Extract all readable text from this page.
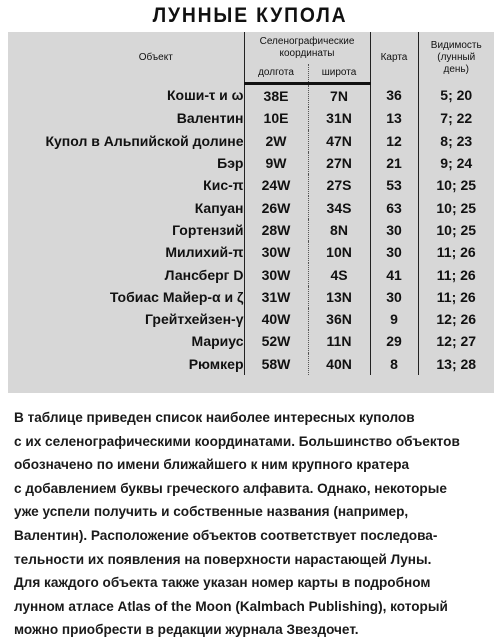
ЛУННЫЕ КУПОЛА
Объект	Селенографические координаты		Карта	Видимость (лунный день)
	долгота	широта		
Коши-τ и ω	38E	7N	36	5; 20
Валентин	10E	31N	13	7; 22
Купол в Альпийской долине	2W	47N	12	8; 23
Бэр	9W	27N	21	9; 24
Кис-π	24W	27S	53	10; 25
Капуан	26W	34S	63	10; 25
Гортензий	28W	8N	30	10; 25
Милихий-π	30W	10N	30	11; 26
Лансберг D	30W	4S	41	11; 26
Тобиас Майер-α и ζ	31W	13N	30	11; 26
Грейтхейзен-γ	40W	36N	9	12; 26
Мариус	52W	11N	29	12; 27
Рюмкер	58W	40N	8	13; 28

В таблице приведен список наиболее интересных куполов

с их селенографическими координатами. Большинство объектов

обозначено по имени ближайшего к ним крупного кратера

с добавлением буквы греческого алфавита. Однако, некоторые

уже успели получить и собственные названия (например,

Валентин). Расположение объектов соответствует последова-

тельности их появления на поверхности нарастающей Луны.

Для каждого объекта также указан номер карты в подробном

лунном атласе Atlas of the Moon (Kalmbach Publishing), который

можно приобрести в редакции журнала Звездочет.
